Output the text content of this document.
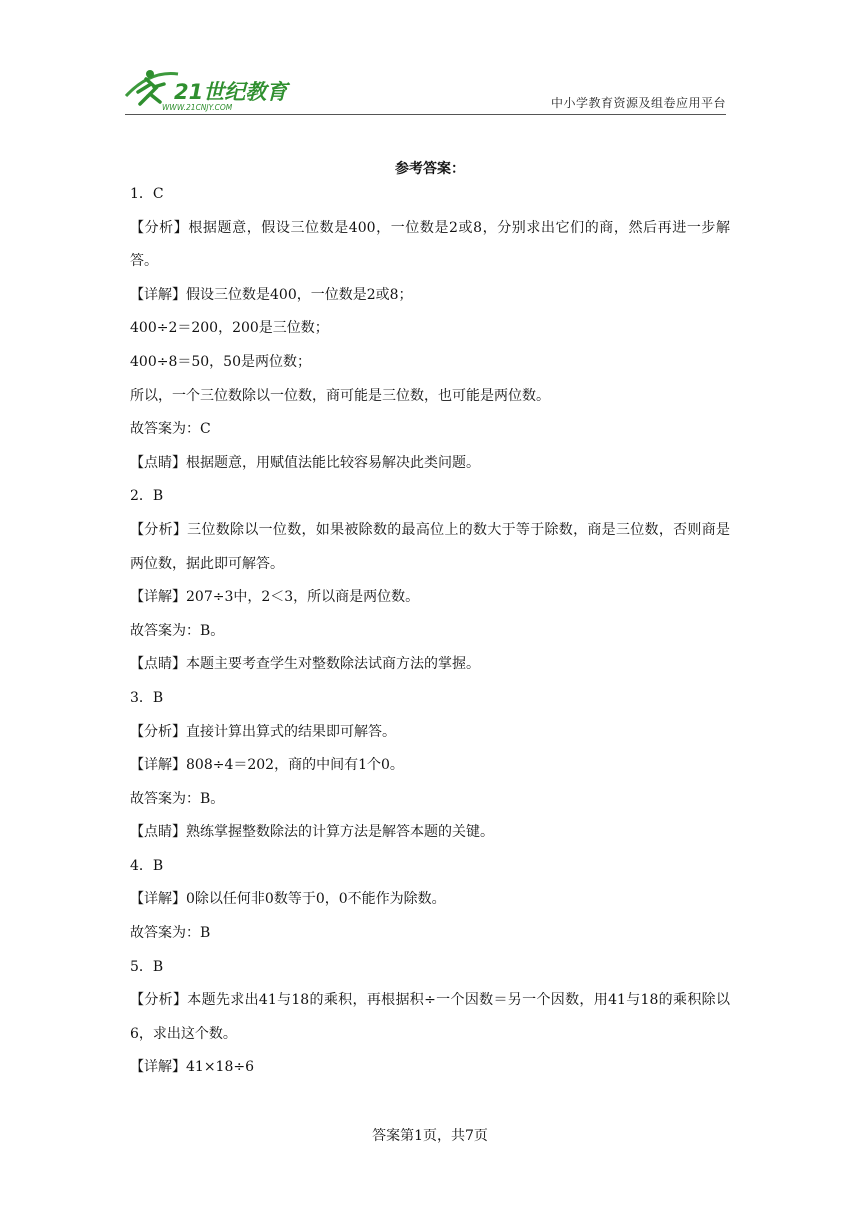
21世纪教育
WWW.21CNJY.COM	中小学教育资源及组卷应用平台
参考答案：
1．C
【分析】根据题意，假设三位数是400，一位数是2或8，分别求出它们的商，然后再进一步解答。
【详解】假设三位数是400，一位数是2或8；
400÷2＝200，200是三位数；
400÷8＝50，50是两位数；
所以，一个三位数除以一位数，商可能是三位数，也可能是两位数。
故答案为：C
【点睛】根据题意，用赋值法能比较容易解决此类问题。
2．B
【分析】三位数除以一位数，如果被除数的最高位上的数大于等于除数，商是三位数，否则商是两位数，据此即可解答。
【详解】207÷3中，2＜3，所以商是两位数。
故答案为：B。
【点睛】本题主要考查学生对整数除法试商方法的掌握。
3．B
【分析】直接计算出算式的结果即可解答。
【详解】808÷4＝202，商的中间有1个0。
故答案为：B。
【点睛】熟练掌握整数除法的计算方法是解答本题的关键。
4．B
【详解】0除以任何非0数等于0，0不能作为除数。
故答案为：B
5．B
【分析】本题先求出41与18的乘积，再根据积÷一个因数＝另一个因数，用41与18的乘积除以6，求出这个数。
【详解】41×18÷6
答案第1页，共7页
